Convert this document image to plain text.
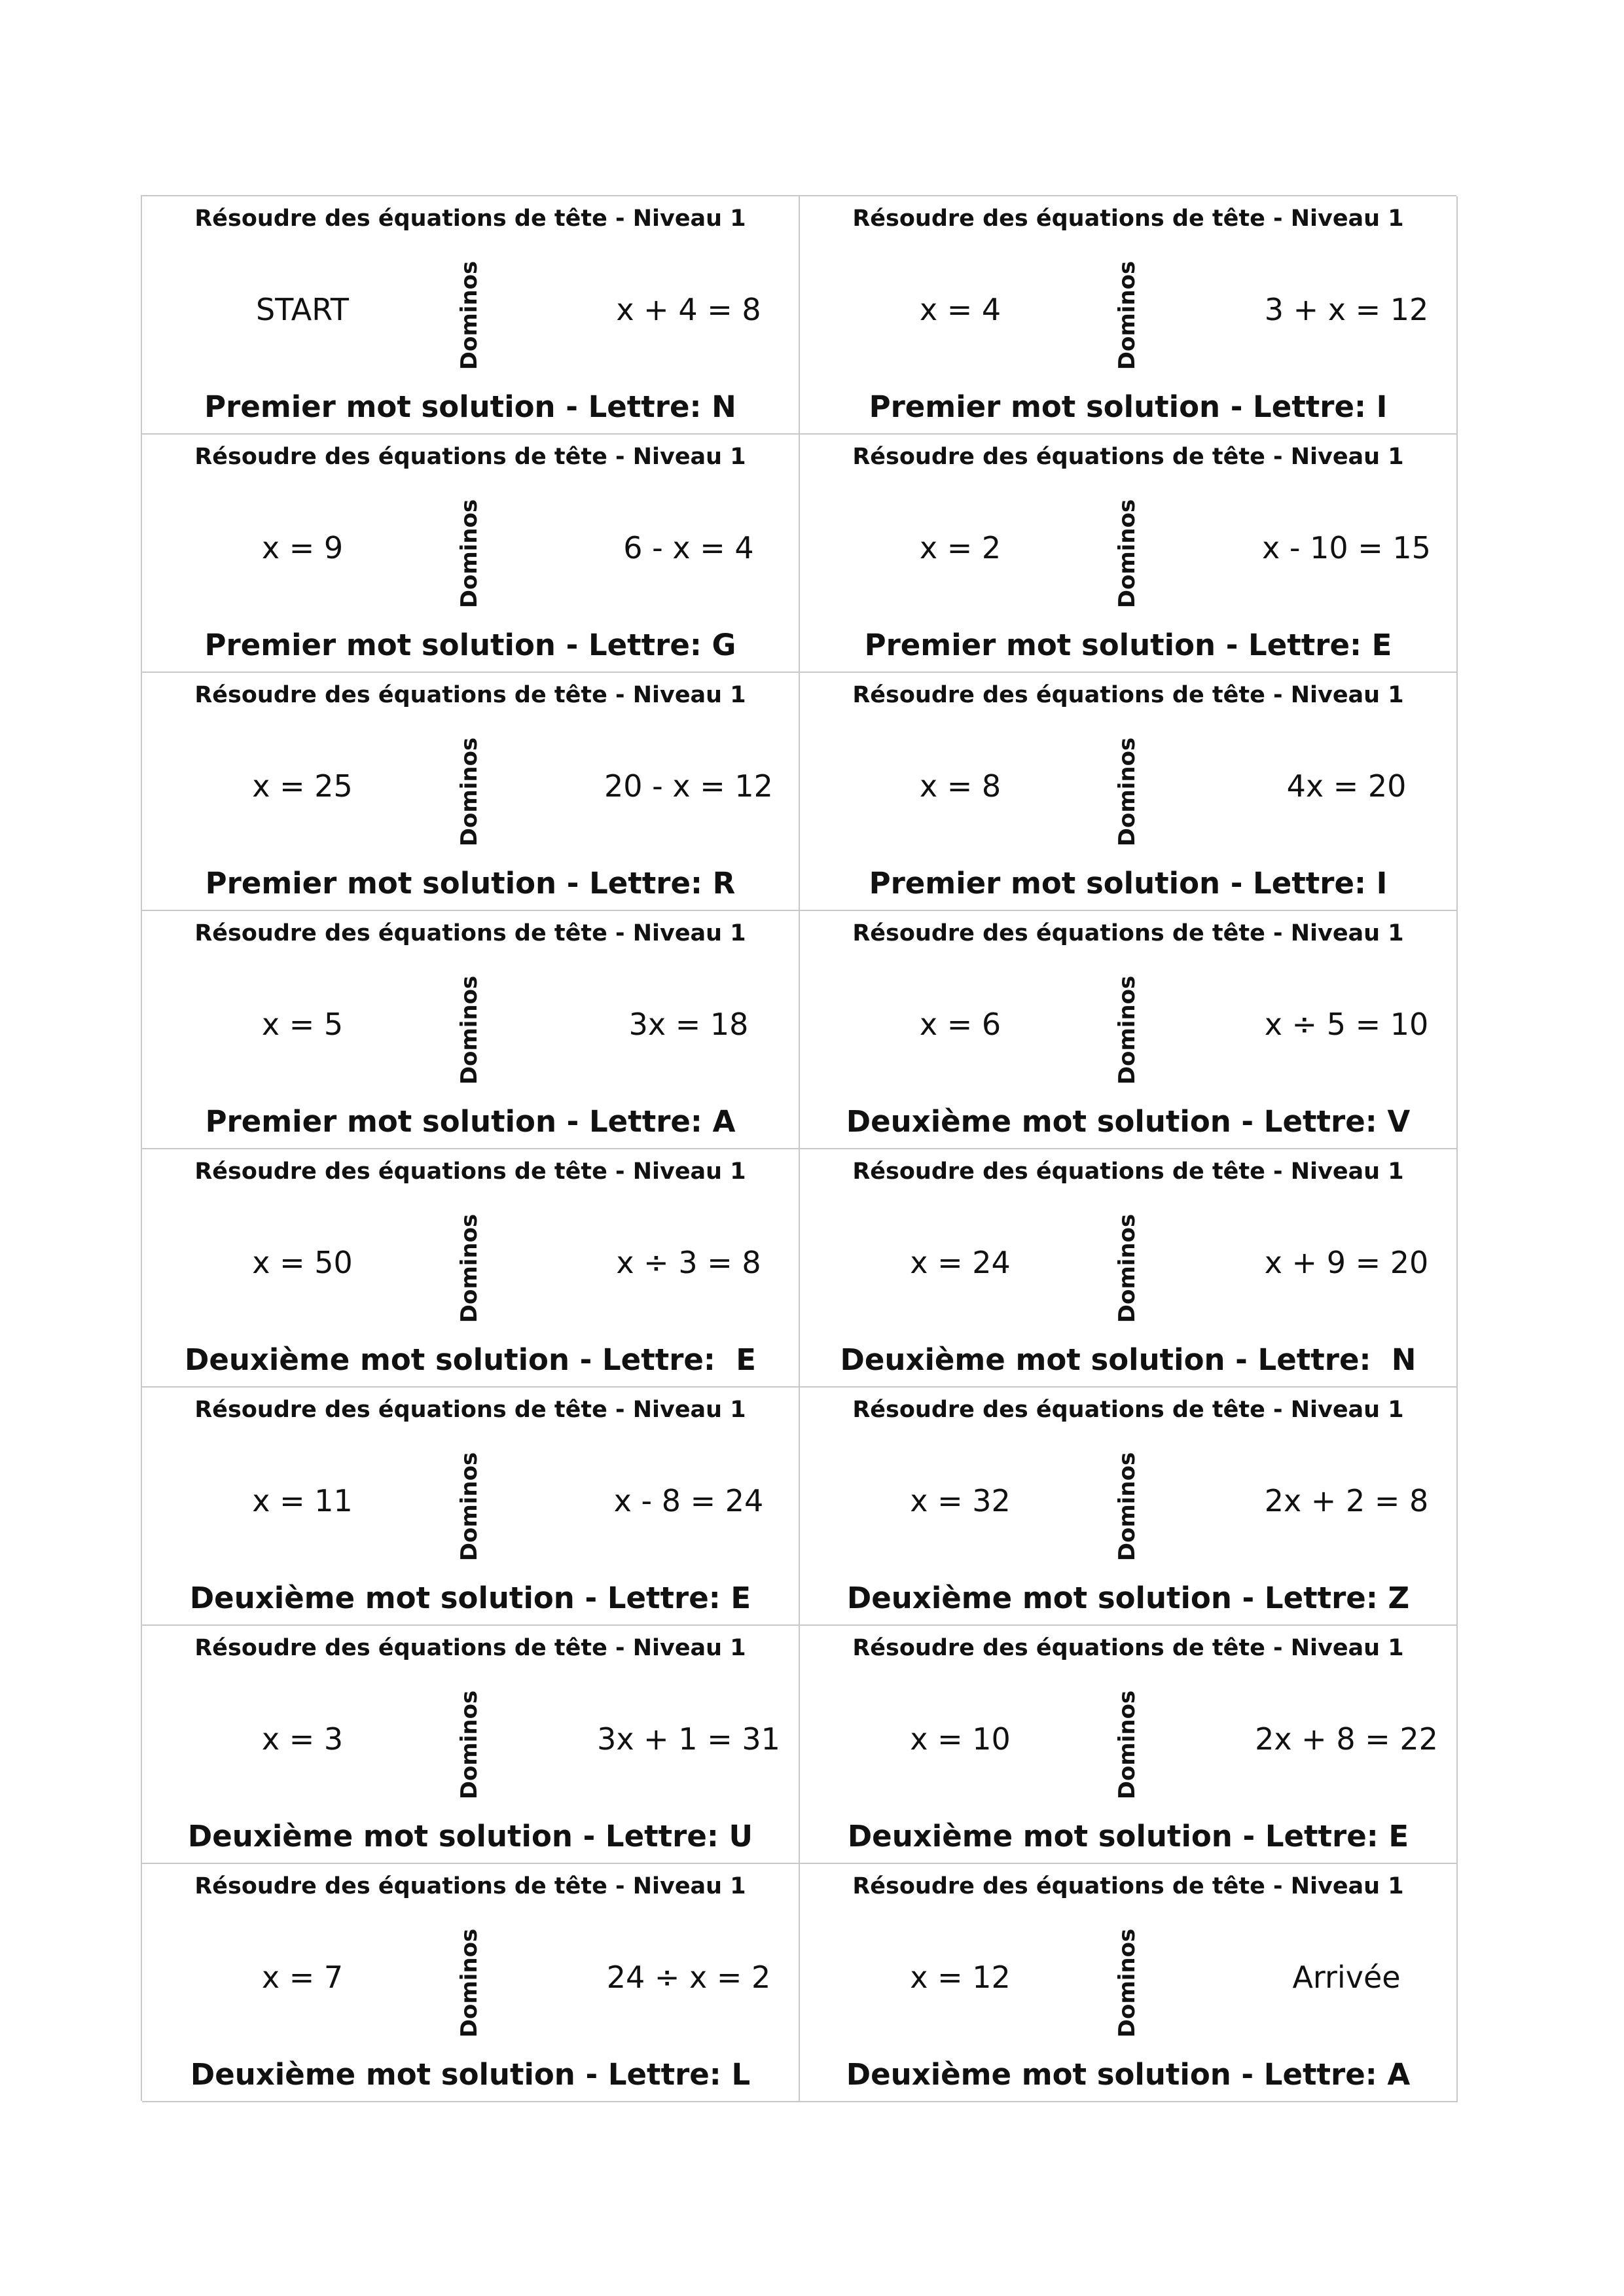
Résoudre des équations de tête - Niveau 1
START	Dominos	x + 4 = 8
Premier mot solution - Lettre: N
Résoudre des équations de tête - Niveau 1
x = 4	Dominos	3 + x = 12
Premier mot solution - Lettre: I
Résoudre des équations de tête - Niveau 1
x = 9	Dominos	6 - x = 4
Premier mot solution - Lettre: G
Résoudre des équations de tête - Niveau 1
x = 2	Dominos	x - 10 = 15
Premier mot solution - Lettre: E
Résoudre des équations de tête - Niveau 1
x = 25	Dominos	20 - x = 12
Premier mot solution - Lettre: R
Résoudre des équations de tête - Niveau 1
x = 8	Dominos	4x = 20
Premier mot solution - Lettre: I
Résoudre des équations de tête - Niveau 1
x = 5	Dominos	3x = 18
Premier mot solution - Lettre: A
Résoudre des équations de tête - Niveau 1
x = 6	Dominos	x ÷ 5 = 10
Deuxième mot solution - Lettre: V
Résoudre des équations de tête - Niveau 1
x = 50	Dominos	x ÷ 3 = 8
Deuxième mot solution - Lettre:  E
Résoudre des équations de tête - Niveau 1
x = 24	Dominos	x + 9 = 20
Deuxième mot solution - Lettre:  N
Résoudre des équations de tête - Niveau 1
x = 11	Dominos	x - 8 = 24
Deuxième mot solution - Lettre: E
Résoudre des équations de tête - Niveau 1
x = 32	Dominos	2x + 2 = 8
Deuxième mot solution - Lettre: Z
Résoudre des équations de tête - Niveau 1
x = 3	Dominos	3x + 1 = 31
Deuxième mot solution - Lettre: U
Résoudre des équations de tête - Niveau 1
x = 10	Dominos	2x + 8 = 22
Deuxième mot solution - Lettre: E
Résoudre des équations de tête - Niveau 1
x = 7	Dominos	24 ÷ x = 2
Deuxième mot solution - Lettre: L
Résoudre des équations de tête - Niveau 1
x = 12	Dominos	Arrivée
Deuxième mot solution - Lettre: A
